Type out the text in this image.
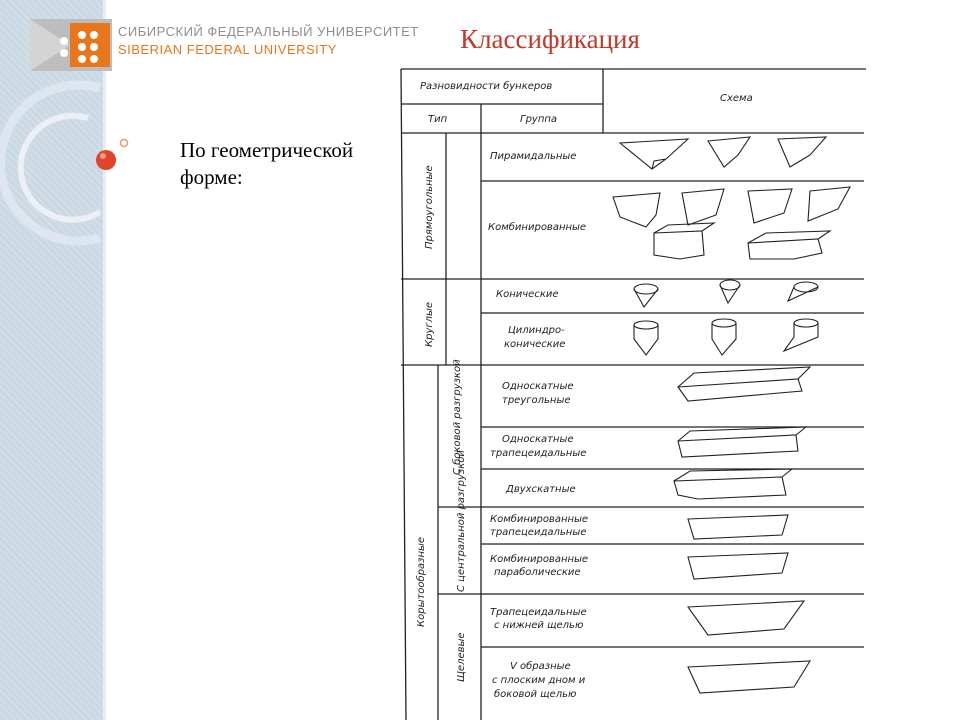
СИБИРСКИЙ ФЕДЕРАЛЬНЫЙ УНИВЕРСИТЕТ
SIBERIAN FEDERAL UNIVERSITY	Классификация
По геометрической форме:
Разновидности бункеров
Схема
Тип	Группа
Прямоугольные
Круглые
Корытообразные
С боковой разгрузкой
С центральной разгрузкой
Щелевые
Пирамидальные
Комбинированные
Конические
Цилиндро-
конические
Односкатные
треугольные
Односкатные
трапецеидальные
Двухскатные
Комбинированные
трапецеидальные
Комбинированные
параболические
Трапецеидальные
с нижней щелью
V образные
с плоским дном и
боковой щелью
